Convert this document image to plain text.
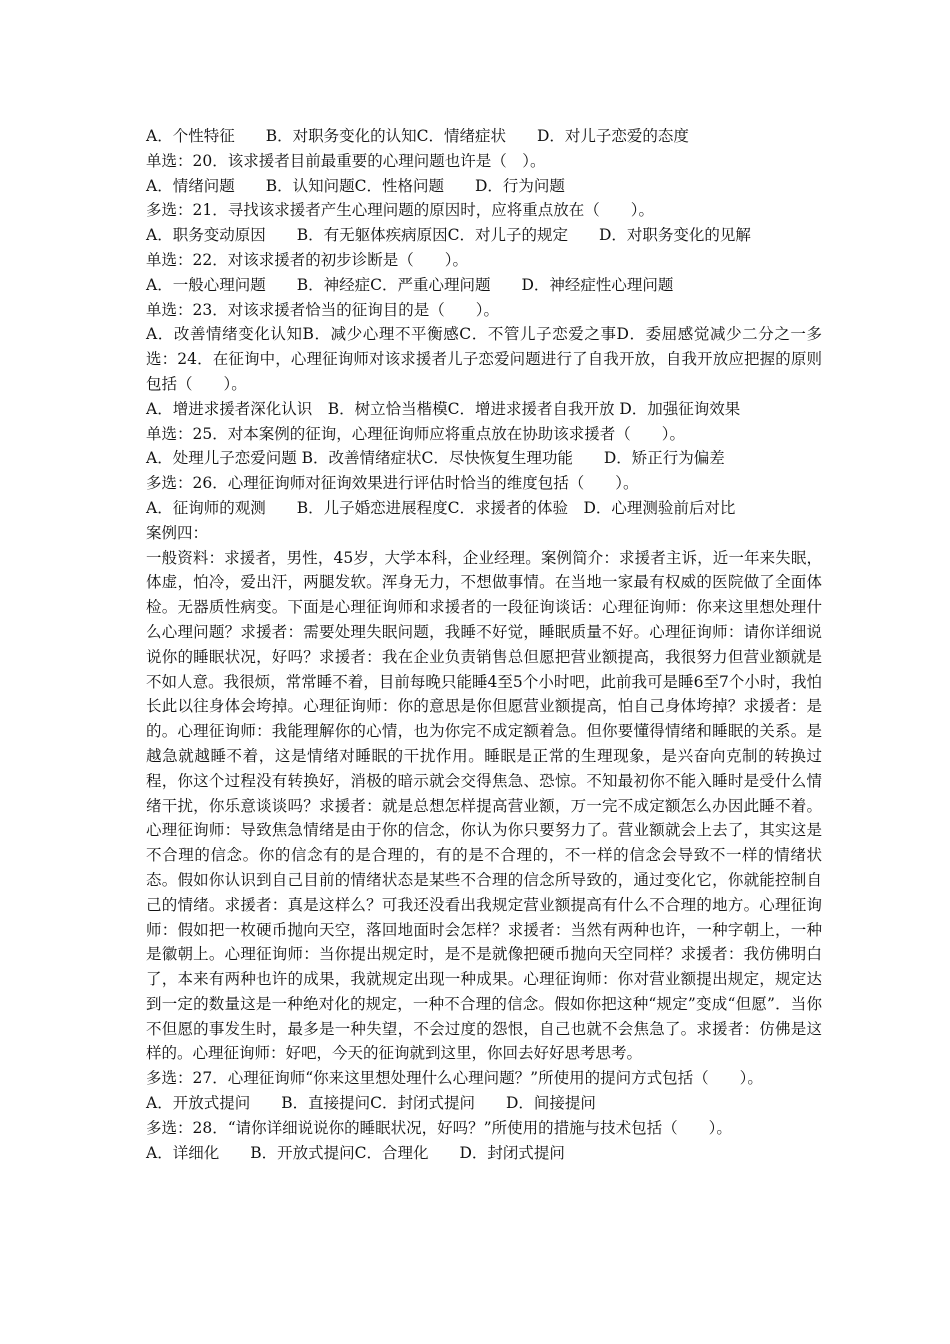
A．个性特征　　B．对职务变化的认知C．情绪症状　　D．对儿子恋爱的态度
单选：20．该求援者目前最重要的心理问题也许是（　）。
A．情绪问题　　B．认知问题C．性格问题　　D．行为问题
多选：21．寻找该求援者产生心理问题的原因时，应将重点放在（　　）。
A．职务变动原因　　B．有无躯体疾病原因C．对儿子的规定　　D．对职务变化的见解
单选：22．对该求援者的初步诊断是（　　）。
A．一般心理问题　　B．神经症C．严重心理问题　　D．神经症性心理问题
单选：23．对该求援者恰当的征询目的是（　　）。
A．改善情绪变化认知B．减少心理不平衡感C．不管儿子恋爱之事D．委屈感觉减少二分之一多选：24．在征询中，心理征询师对该求援者儿子恋爱问题进行了自我开放，自我开放应把握的原则包括（　　）。
A．增进求援者深化认识　B．树立恰当楷模C．增进求援者自我开放 D．加强征询效果
单选：25．对本案例的征询，心理征询师应将重点放在协助该求援者（　　）。
A．处理儿子恋爱问题 B．改善情绪症状C．尽快恢复生理功能　　D．矫正行为偏差
多选：26．心理征询师对征询效果进行评估时恰当的维度包括（　　）。
A．征询师的观测　　B．儿子婚恋进展程度C．求援者的体验　D．心理测验前后对比
案例四：
一般资料：求援者，男性，45岁，大学本科，企业经理。案例简介：求援者主诉，近一年来失眠，体虚，怕冷，爱出汗，两腿发软。浑身无力，不想做事情。在当地一家最有权威的医院做了全面体检。无器质性病变。下面是心理征询师和求援者的一段征询谈话：心理征询师：你来这里想处理什么心理问题？求援者：需要处理失眠问题，我睡不好觉，睡眠质量不好。心理征询师：请你详细说说你的睡眠状况，好吗？求援者：我在企业负责销售总但愿把营业额提高，我很努力但营业额就是不如人意。我很烦，常常睡不着，目前每晚只能睡4至5个小时吧，此前我可是睡6至7个小时，我怕长此以往身体会垮掉。心理征询师：你的意思是你但愿营业额提高，怕自己身体垮掉？求援者：是的。心理征询师：我能理解你的心情，也为你完不成定额着急。但你要懂得情绪和睡眠的关系。是越急就越睡不着，这是情绪对睡眠的干扰作用。睡眠是正常的生理现象，是兴奋向克制的转换过程，你这个过程没有转换好，消极的暗示就会交得焦急、恐惊。不知最初你不能入睡时是受什么情绪干扰，你乐意谈谈吗？求援者：就是总想怎样提高营业额，万一完不成定额怎么办因此睡不着。心理征询师：导致焦急情绪是由于你的信念，你认为你只要努力了。营业额就会上去了，其实这是不合理的信念。你的信念有的是合理的，有的是不合理的，不一样的信念会导致不一样的情绪状态。假如你认识到自己目前的情绪状态是某些不合理的信念所导致的，通过变化它，你就能控制自己的情绪。求援者：真是这样么？可我还没看出我规定营业额提高有什么不合理的地方。心理征询师：假如把一枚硬币抛向天空，落回地面时会怎样？求援者：当然有两种也许，一种字朝上，一种是徽朝上。心理征询师：当你提出规定时，是不是就像把硬币抛向天空同样？求援者：我仿佛明白了，本来有两种也许的成果，我就规定出现一种成果。心理征询师：你对营业额提出规定，规定达到一定的数量这是一种绝对化的规定，一种不合理的信念。假如你把这种“规定”变成“但愿”．当你不但愿的事发生时，最多是一种失望，不会过度的怨恨，自己也就不会焦急了。求援者：仿佛是这样的。心理征询师：好吧，今天的征询就到这里，你回去好好思考思考。
多选：27．心理征询师“你来这里想处理什么心理问题？”所使用的提问方式包括（　　）。
A．开放式提问　　B．直接提问C．封闭式提问　　D．间接提问
多选：28．“请你详细说说你的睡眠状况，好吗？”所使用的措施与技术包括（　　）。
A．详细化　　B．开放式提问C．合理化　　D．封闭式提问
